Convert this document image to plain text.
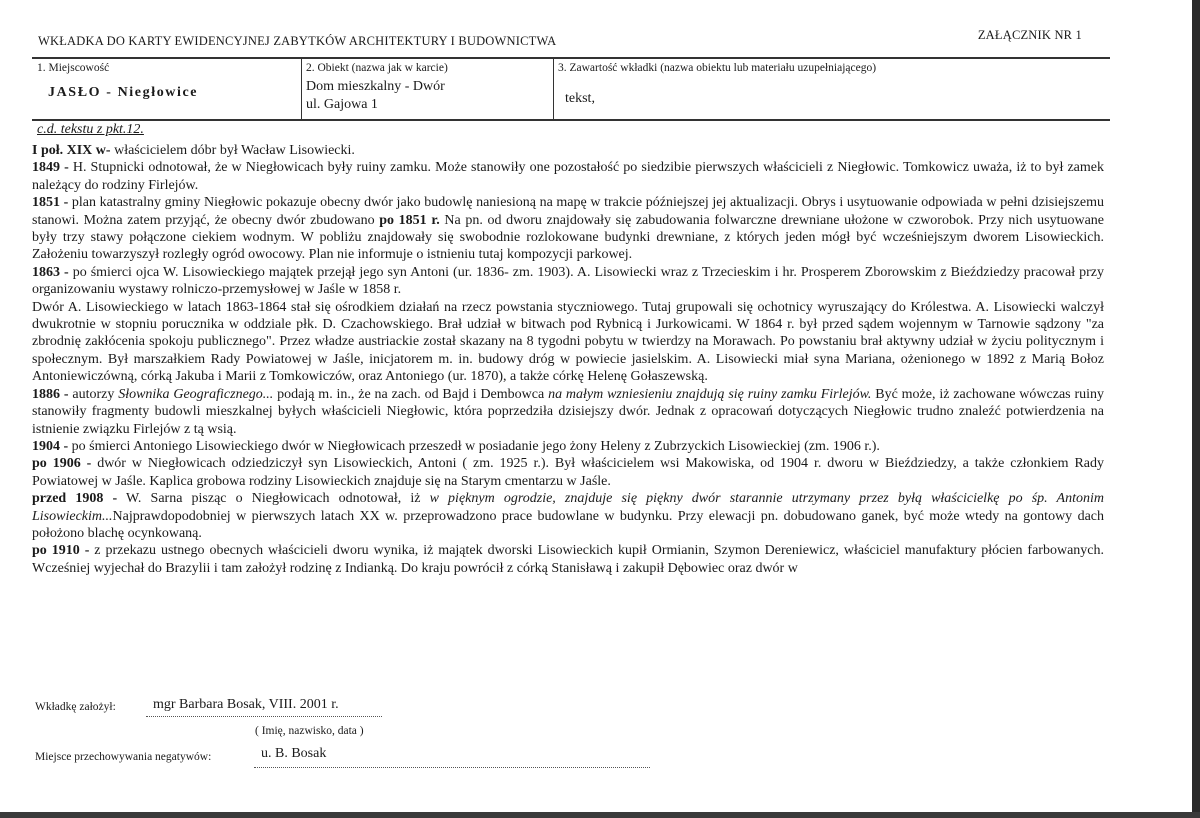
WKŁADKA DO KARTY EWIDENCYJNEJ ZABYTKÓW ARCHITEKTURY I BUDOWNICTWA	ZAŁĄCZNIK NR 1
1. Miejscowość
JASŁO - Niegłowice
2. Obiekt (nazwa jak w karcie)
Dom mieszkalny - Dwór
ul. Gajowa 1
3. Zawartość wkładki (nazwa obiektu lub materiału uzupełniającego)
tekst,
c.d. tekstu z pkt.12.

I poł. XIX w- właścicielem dóbr był Wacław Lisowiecki.

1849 - H. Stupnicki odnotował, że w Niegłowicach były ruiny zamku. Może stanowiły one pozostałość po siedzibie pierwszych właścicieli z Niegłowic. Tomkowicz uważa, iż to był zamek należący do rodziny Firlejów.

1851 - plan katastralny gminy Niegłowic pokazuje obecny dwór jako budowlę naniesioną na mapę w trakcie późniejszej jej aktualizacji. Obrys i usytuowanie odpowiada w pełni dzisiejszemu stanowi. Można zatem przyjąć, że obecny dwór zbudowano po 1851 r. Na pn. od dworu znajdowały się zabudowania folwarczne drewniane ułożone w czworobok. Przy nich usytuowane były trzy stawy połączone ciekiem wodnym. W pobliżu znajdowały się swobodnie rozlokowane budynki drewniane, z których jeden mógł być wcześniejszym dworem Lisowieckich. Założeniu towarzyszył rozległy ogród owocowy. Plan nie informuje o istnieniu tutaj kompozycji parkowej.

1863 - po śmierci ojca W. Lisowieckiego majątek przejął jego syn Antoni (ur. 1836- zm. 1903). A. Lisowiecki wraz z Trzecieskim i hr. Prosperem Zborowskim z Bieździedzy pracował przy organizowaniu wystawy rolniczo-przemysłowej w Jaśle w 1858 r.

Dwór A. Lisowieckiego w latach 1863-1864 stał się ośrodkiem działań na rzecz powstania styczniowego. Tutaj grupowali się ochotnicy wyruszający do Królestwa. A. Lisowiecki walczył dwukrotnie w stopniu porucznika w oddziale płk. D. Czachowskiego. Brał udział w bitwach pod Rybnicą i Jurkowicami. W 1864 r. był przed sądem wojennym w Tarnowie sądzony "za zbrodnię zakłócenia spokoju publicznego". Przez władze austriackie został skazany na 8 tygodni pobytu w twierdzy na Morawach. Po powstaniu brał aktywny udział w życiu politycznym i społecznym. Był marszałkiem Rady Powiatowej w Jaśle, inicjatorem m. in. budowy dróg w powiecie jasielskim. A. Lisowiecki miał syna Mariana, ożenionego w 1892 z Marią Bołoz Antoniewiczówną, córką Jakuba i Marii z Tomkowiczów, oraz Antoniego (ur. 1870), a także córkę Helenę Gołaszewską.

1886 - autorzy Słownika Geograficznego... podają m. in., że na zach. od Bajd i Dembowca na małym wzniesieniu znajdują się ruiny zamku Firlejów. Być może, iż zachowane wówczas ruiny stanowiły fragmenty budowli mieszkalnej byłych właścicieli Niegłowic, która poprzedziła dzisiejszy dwór. Jednak z opracowań dotyczących Niegłowic trudno znaleźć potwierdzenia na istnienie związku Firlejów z tą wsią.

1904 - po śmierci Antoniego Lisowieckiego dwór w Niegłowicach przeszedł w posiadanie jego żony Heleny z Zubrzyckich Lisowieckiej (zm. 1906 r.).

po 1906 - dwór w Niegłowicach odziedziczył syn Lisowieckich, Antoni ( zm. 1925 r.). Był właścicielem wsi Makowiska, od 1904 r. dworu w Bieździedzy, a także członkiem Rady Powiatowej w Jaśle. Kaplica grobowa rodziny Lisowieckich znajduje się na Starym cmentarzu w Jaśle.

przed 1908 - W. Sarna pisząc o Niegłowicach odnotował, iż w pięknym ogrodzie, znajduje się piękny dwór starannie utrzymany przez byłą właścicielkę po śp. Antonim Lisowieckim...Najprawdopodobniej w pierwszych latach XX w. przeprowadzono prace budowlane w budynku. Przy elewacji pn. dobudowano ganek, być może wtedy na gontowy dach położono blachę ocynkowaną.

po 1910 - z przekazu ustnego obecnych właścicieli dworu wynika, iż majątek dworski Lisowieckich kupił Ormianin, Szymon Dereniewicz, właściciel manufaktury płócien farbowanych. Wcześniej wyjechał do Brazylii i tam założył rodzinę z Indianką. Do kraju powrócił z córką Stanisławą i zakupił Dębowiec oraz dwór w

Wkładkę założył:	mgr Barbara Bosak, VIII. 2001 r.
( Imię, nazwisko, data )
Miejsce przechowywania negatywów:	u. B. Bosak
